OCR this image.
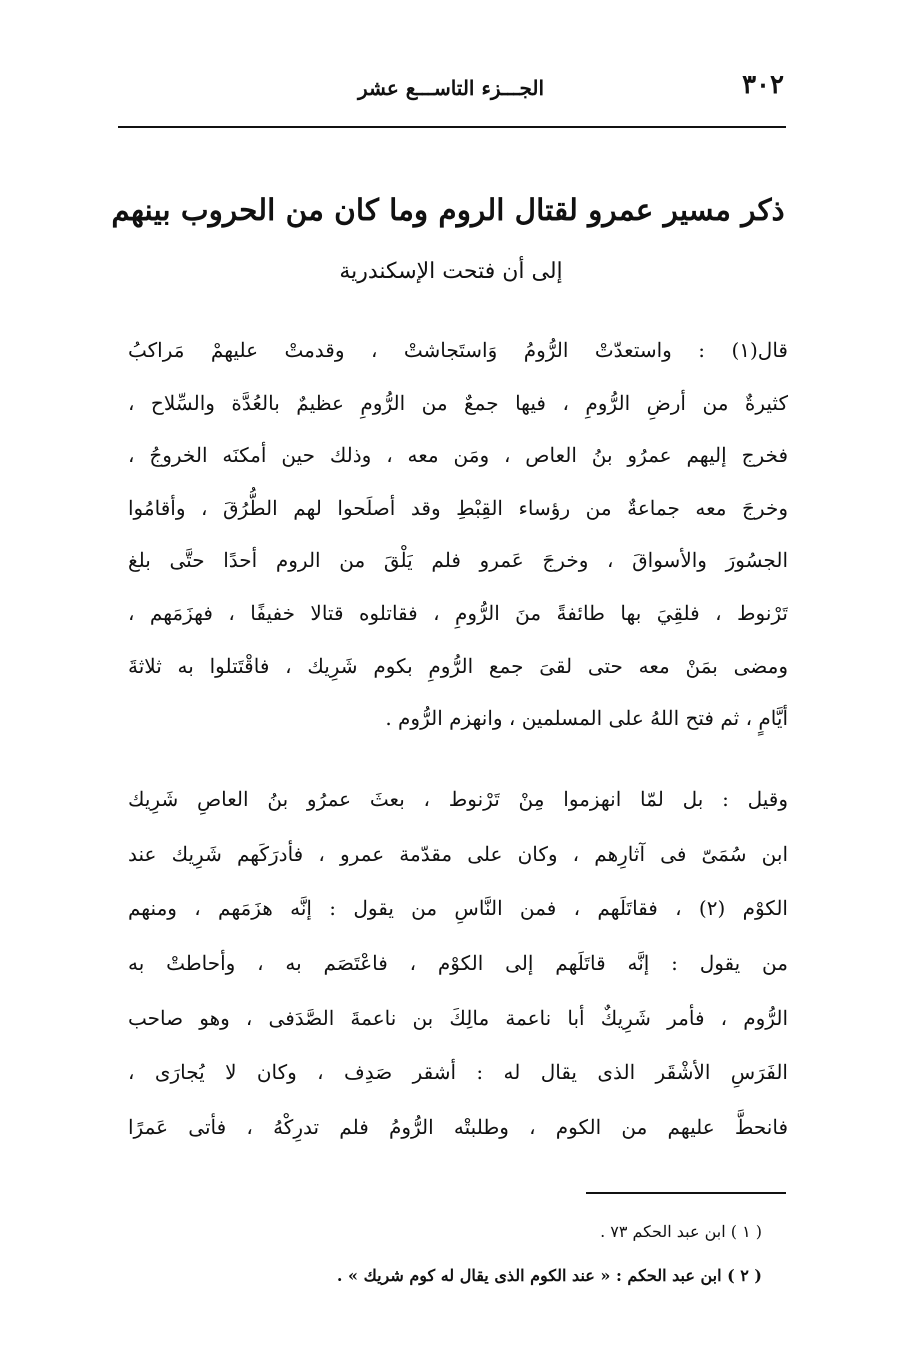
٣٠٢
الجـــزء التاســـع عشر
ذكر مسير عمرو لقتال الروم وما كان من الحروب بينهم
إلى أن فتحت الإسكندرية
قال(١) : واستعدّتْ الرُّومُ وَاستَجاشتْ ، وقدمتْ عليهمْ مَراكبُ
كثيرةٌ من أرضِ الرُّومِ ، فيها جمعٌ من الرُّومِ عظيمٌ بالعُدَّة والسِّلاح ،
فخرج إليهم عمرُو بنُ العاص ، ومَن معه ، وذلك حين أمكنَه الخروجُ ،
وخرجَ معه جماعةٌ من رؤساء القِبْطِ وقد أصلَحوا لهم الطُّرُقَ ، وأقامُوا
الجسُورَ والأسواقَ ، وخرجَ عَمرو فلم يَلْقَ من الروم أحدًا حتَّى بلغ
تَرْنوط ، فلقِيَ بها طائفةً منَ الرُّومِ ، فقاتلوه قتالا خفيفًا ، فهزَمَهم ،
ومضى بمَنْ معه حتى لقىَ جمع الرُّومِ بكوم شَرِيك ، فاقْتَتلوا به ثلاثةَ
أيَّامٍ ، ثم فتح اللهُ على المسلمين ، وانهزم الرُّوم .
وقيل : بل لمّا انهزموا مِنْ تَرْنوط ، بعثَ عمرُو بنُ العاصِ شَرِيك
ابن سُمَىّ فى آثارِهم ، وكان على مقدّمة عمرو ، فأدرَكَهم شَرِيك عند
الكوْم (٢) ، فقاتَلَهم ، فمن النَّاسِ من يقول : إنَّه هزَمَهم ، ومنهم
من يقول : إنَّه قاتَلَهم إلى الكوْم ، فاعْتَصَم به ، وأحاطتْ به
الرُّوم ، فأمر شَرِيكٌ أبا ناعمة مالِكَ بن ناعمةَ الصَّدَفى ، وهو صاحب
الفَرَسِ الأشْقَر الذى يقال له : أشقر صَدِف ، وكان لا يُجارَى ،
فانحطَّ عليهم من الكوم ، وطلبتْه الرُّومُ فلم تدرِكْهُ ، فأتى عَمرًا
( ١ ) ابن عبد الحكم ٧٣ .
( ٢ ) ابن عبد الحكم : « عند الكوم الذى يقال له كوم شريك » .
